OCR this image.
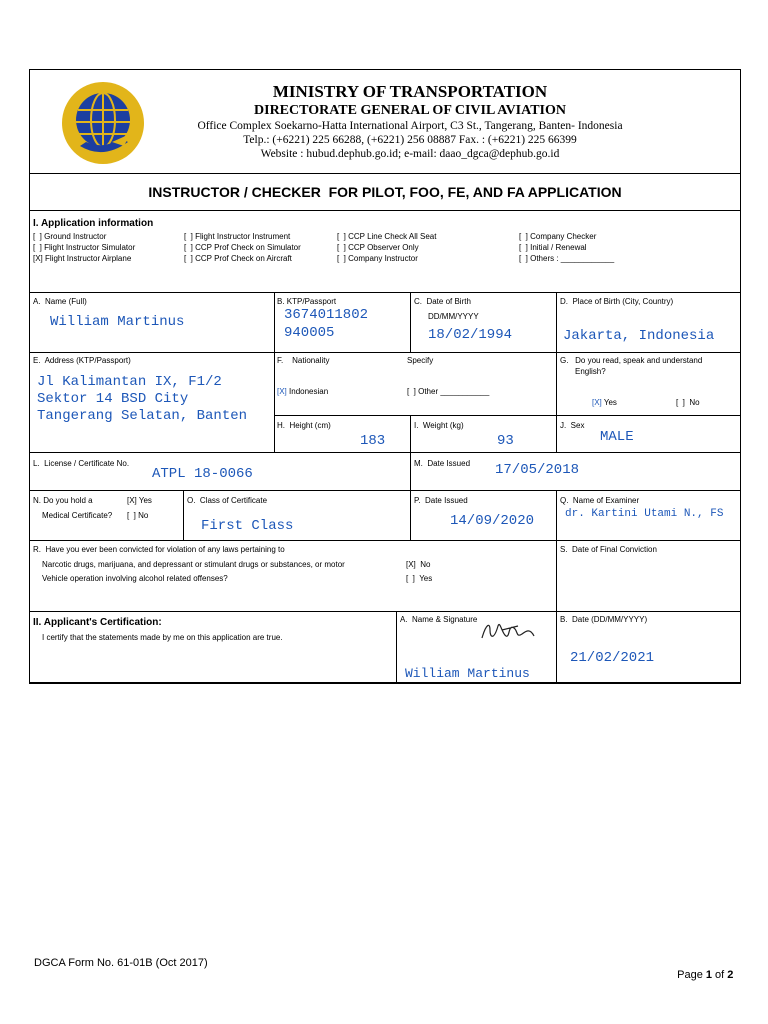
MINISTRY OF TRANSPORTATION
DIRECTORATE GENERAL OF CIVIL AVIATION
Office Complex Soekarno-Hatta International Airport, C3 St., Tangerang, Banten- Indonesia
Telp.: (+6221) 225 66288, (+6221) 256 08887 Fax. : (+6221) 225 66399
Website : hubud.dephub.go.id; e-mail: daao_dgca@dephub.go.id
INSTRUCTOR / CHECKER  FOR PILOT, FOO, FE, AND FA APPLICATION
I. Application information
[  ] Ground Instructor
[  ] Flight Instructor Simulator
[X] Flight Instructor Airplane
[  ] Flight Instructor Instrument
[  ] CCP Prof Check on Simulator
[  ] CCP Prof Check on Aircraft
[  ] CCP Line Check All Seat
[  ] CCP Observer Only
[  ] Company Instructor
[  ] Company Checker
[  ] Initial / Renewal
[  ] Others : ____________
A.  Name (Full)
William Martinus
B. KTP/Passport
3674011802
940005
C.  Date of Birth
DD/MM/YYYY
18/02/1994
D.  Place of Birth (City, Country)
Jakarta, Indonesia
E.  Address (KTP/Passport)
Jl Kalimantan IX, F1/2
Sektor 14 BSD City
Tangerang Selatan, Banten
F.    Nationality	Specify
[X] Indonesian	[  ] Other ___________
G.   Do you read, speak and understand
English?
[X] Yes	[  ]  No
H.  Height (cm)
183
I.  Weight (kg)
93
J.  Sex
MALE
L.  License / Certificate No.
ATPL 18-0066
M.  Date Issued 17/05/2018
N. Do you hold a	[X] Yes
Medical Certificate? [  ] No
O.  Class of Certificate
First Class
P.  Date Issued
14/09/2020
Q.  Name of Examiner
dr. Kartini Utami N., FS
R.  Have you ever been convicted for violation of any laws pertaining to
Narcotic drugs, marijuana, and depressant or stimulant drugs or substances, or motor
Vehicle operation involving alcohol related offenses?
[X]  No
[  ]  Yes
S.  Date of Final Conviction
II. Applicant's Certification:
I certify that the statements made by me on this application are true.
A.  Name & Signature
William Martinus
B.  Date (DD/MM/YYYY)
21/02/2021
DGCA Form No. 61-01B (Oct 2017)

Page 1 of 2
